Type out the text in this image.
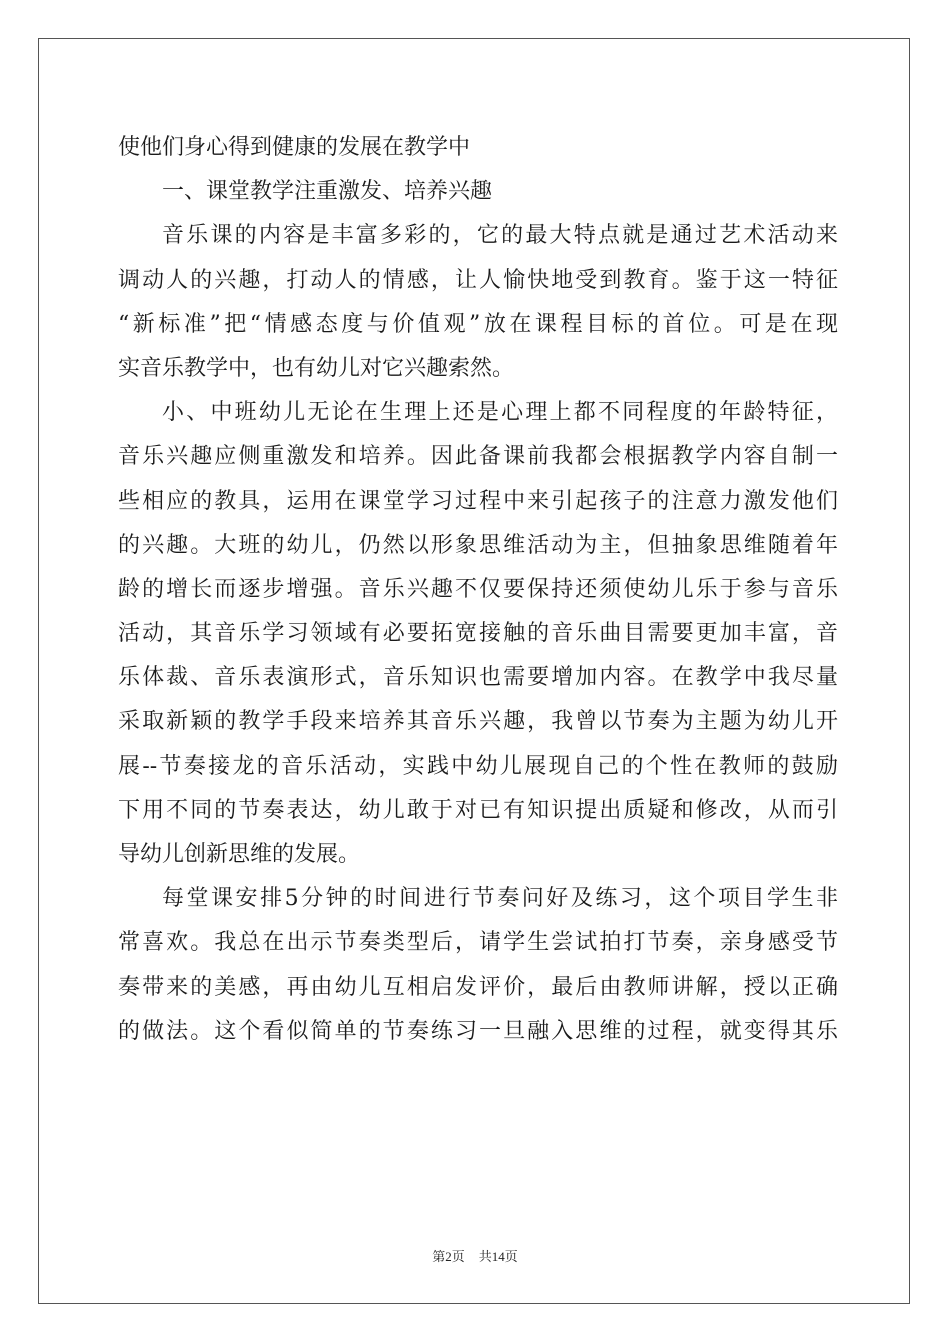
使他们身心得到健康的发展在教学中
一、课堂教学注重激发、培养兴趣
音乐课的内容是丰富多彩的，它的最大特点就是通过艺术活动来
调动人的兴趣，打动人的情感，让人愉快地受到教育。鉴于这一特征
“新标准”把“情感态度与价值观”放在课程目标的首位。可是在现
实音乐教学中，也有幼儿对它兴趣索然。
小、中班幼儿无论在生理上还是心理上都不同程度的年龄特征，
音乐兴趣应侧重激发和培养。因此备课前我都会根据教学内容自制一
些相应的教具，运用在课堂学习过程中来引起孩子的注意力激发他们
的兴趣。大班的幼儿，仍然以形象思维活动为主，但抽象思维随着年
龄的增长而逐步增强。音乐兴趣不仅要保持还须使幼儿乐于参与音乐
活动，其音乐学习领域有必要拓宽接触的音乐曲目需要更加丰富，音
乐体裁、音乐表演形式，音乐知识也需要增加内容。在教学中我尽量
采取新颖的教学手段来培养其音乐兴趣，我曾以节奏为主题为幼儿开
展--节奏接龙的音乐活动，实践中幼儿展现自己的个性在教师的鼓励
下用不同的节奏表达，幼儿敢于对已有知识提出质疑和修改，从而引
导幼儿创新思维的发展。
每堂课安排5分钟的时间进行节奏问好及练习，这个项目学生非
常喜欢。我总在出示节奏类型后，请学生尝试拍打节奏，亲身感受节
奏带来的美感，再由幼儿互相启发评价，最后由教师讲解，授以正确
的做法。这个看似简单的节奏练习一旦融入思维的过程，就变得其乐
第2页 共14页
